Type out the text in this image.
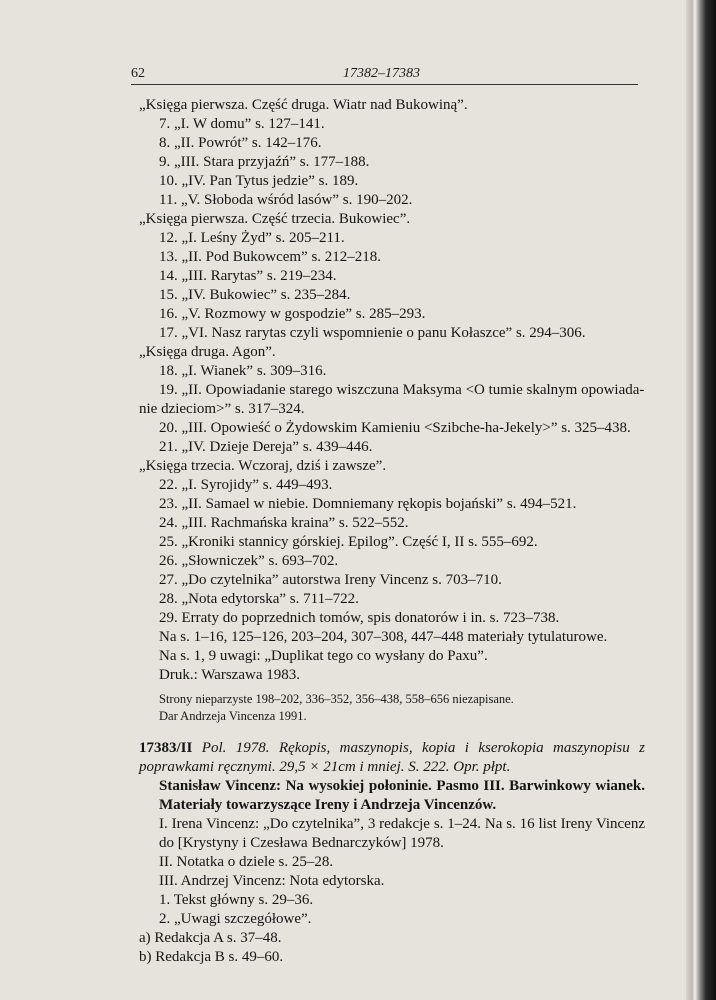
62	17382–17383
„Księga pierwsza. Część druga. Wiatr nad Bukowiną”.
7. „I. W domu” s. 127–141.
8. „II. Powrót” s. 142–176.
9. „III. Stara przyjaźń” s. 177–188.
10. „IV. Pan Tytus jedzie” s. 189.
11. „V. Słoboda wśród lasów” s. 190–202.
„Księga pierwsza. Część trzecia. Bukowiec”.
12. „I. Leśny Żyd” s. 205–211.
13. „II. Pod Bukowcem” s. 212–218.
14. „III. Rarytas” s. 219–234.
15. „IV. Bukowiec” s. 235–284.
16. „V. Rozmowy w gospodzie” s. 285–293.
17. „VI. Nasz rarytas czyli wspomnienie o panu Kołaszce” s. 294–306.
„Księga druga. Agon”.
18. „I. Wianek” s. 309–316.
19. „II. Opowiadanie starego wiszczuna Maksyma <O tumie skalnym opowiada-
nie dzieciom>” s. 317–324.
20. „III. Opowieść o Żydowskim Kamieniu <Szibche-ha-Jekely>” s. 325–438.
21. „IV. Dzieje Dereja” s. 439–446.
„Księga trzecia. Wczoraj, dziś i zawsze”.
22. „I. Syrojidy” s. 449–493.
23. „II. Samael w niebie. Domniemany rękopis bojański” s. 494–521.
24. „III. Rachmańska kraina” s. 522–552.
25. „Kroniki stannicy górskiej. Epilog”. Część I, II s. 555–692.
26. „Słowniczek” s. 693–702.
27. „Do czytelnika” autorstwa Ireny Vincenz s. 703–710.
28. „Nota edytorska” s. 711–722.
29. Erraty do poprzednich tomów, spis donatorów i in. s. 723–738.
Na s. 1–16, 125–126, 203–204, 307–308, 447–448 materiały tytulaturowe.
Na s. 1, 9 uwagi: „Duplikat tego co wysłany do Paxu”.
Druk.: Warszawa 1983.
Strony nieparzyste 198–202, 336–352, 356–438, 558–656 niezapisane.
Dar Andrzeja Vincenza 1991.
17383/II Pol. 1978. Rękopis, maszynopis, kopia i kserokopia maszynopisu z poprawkami ręcznymi. 29,5 × 21cm i mniej. S. 222. Opr. płpt.
Stanisław Vincenz: Na wysokiej połoninie. Pasmo III. Barwinkowy wianek. Materiały towarzyszące Ireny i Andrzeja Vincenzów.
I. Irena Vincenz: „Do czytelnika”, 3 redakcje s. 1–24. Na s. 16 list Ireny Vincenz do [Krystyny i Czesława Bednarczyków] 1978.
II. Notatka o dziele s. 25–28.
III. Andrzej Vincenz: Nota edytorska.
1. Tekst główny s. 29–36.
2. „Uwagi szczegółowe”.
a) Redakcja A s. 37–48.
b) Redakcja B s. 49–60.
